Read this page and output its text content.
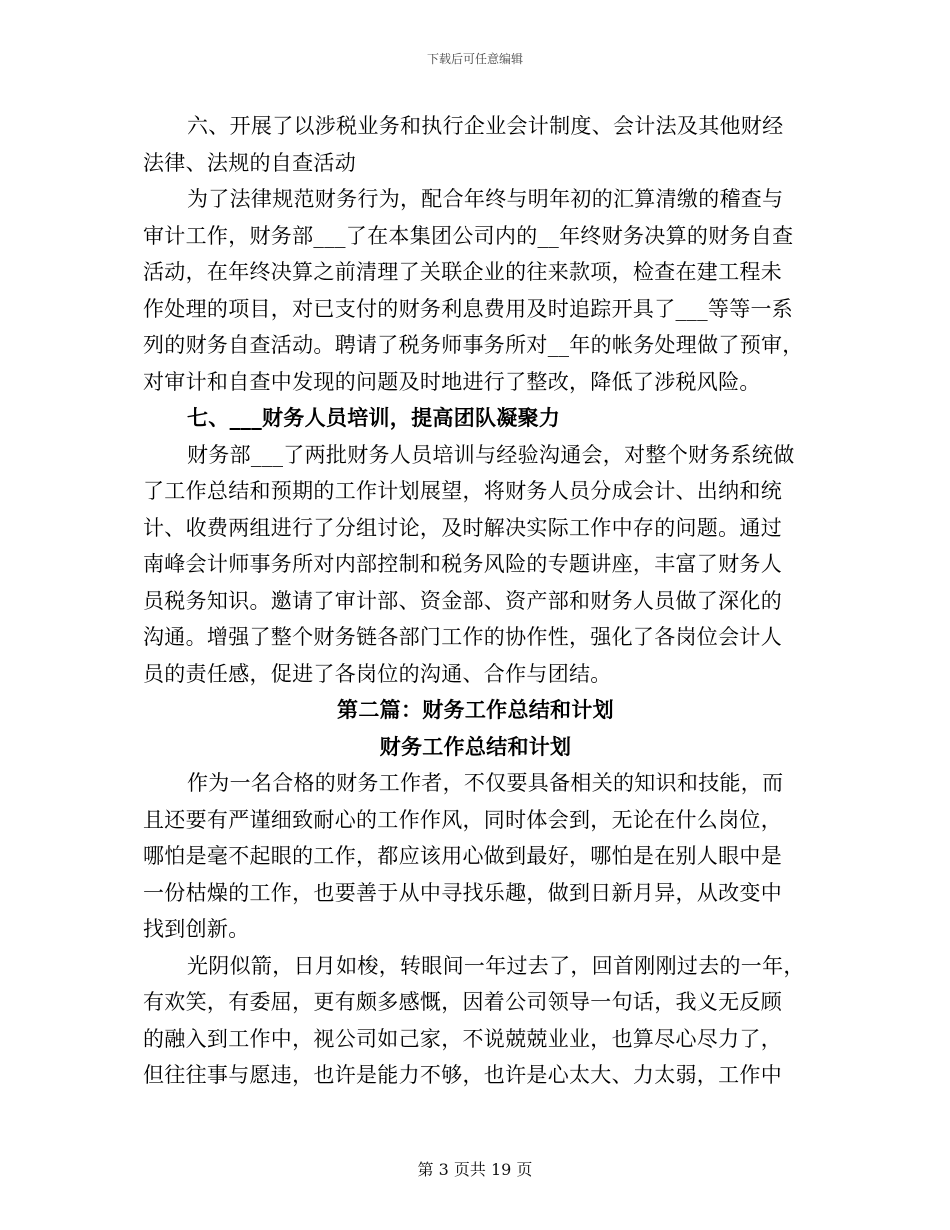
下载后可任意编辑
六、开展了以涉税业务和执行企业会计制度、会计法及其他财经
法律、法规的自查活动
为了法律规范财务行为，配合年终与明年初的汇算清缴的稽查与
审计工作，财务部___了在本集团公司内的__年终财务决算的财务自查
活动，在年终决算之前清理了关联企业的往来款项，检查在建工程未
作处理的项目，对已支付的财务利息费用及时追踪开具了___等等一系
列的财务自查活动。聘请了税务师事务所对__年的帐务处理做了预审，
对审计和自查中发现的问题及时地进行了整改，降低了涉税风险。
七、___财务人员培训，提高团队凝聚力
财务部___了两批财务人员培训与经验沟通会，对整个财务系统做
了工作总结和预期的工作计划展望，将财务人员分成会计、出纳和统
计、收费两组进行了分组讨论，及时解决实际工作中存的问题。通过
南峰会计师事务所对内部控制和税务风险的专题讲座，丰富了财务人
员税务知识。邀请了审计部、资金部、资产部和财务人员做了深化的
沟通。增强了整个财务链各部门工作的协作性，强化了各岗位会计人
员的责任感，促进了各岗位的沟通、合作与团结。
第二篇：财务工作总结和计划
财务工作总结和计划
作为一名合格的财务工作者，不仅要具备相关的知识和技能，而
且还要有严谨细致耐心的工作作风，同时体会到，无论在什么岗位，
哪怕是毫不起眼的工作，都应该用心做到最好，哪怕是在别人眼中是
一份枯燥的工作，也要善于从中寻找乐趣，做到日新月异，从改变中
找到创新。
光阴似箭，日月如梭，转眼间一年过去了，回首刚刚过去的一年，
有欢笑，有委屈，更有颇多感慨，因着公司领导一句话，我义无反顾
的融入到工作中，视公司如己家，不说兢兢业业，也算尽心尽力了，
但往往事与愿违，也许是能力不够，也许是心太大、力太弱，工作中
第 3 页共 19 页
